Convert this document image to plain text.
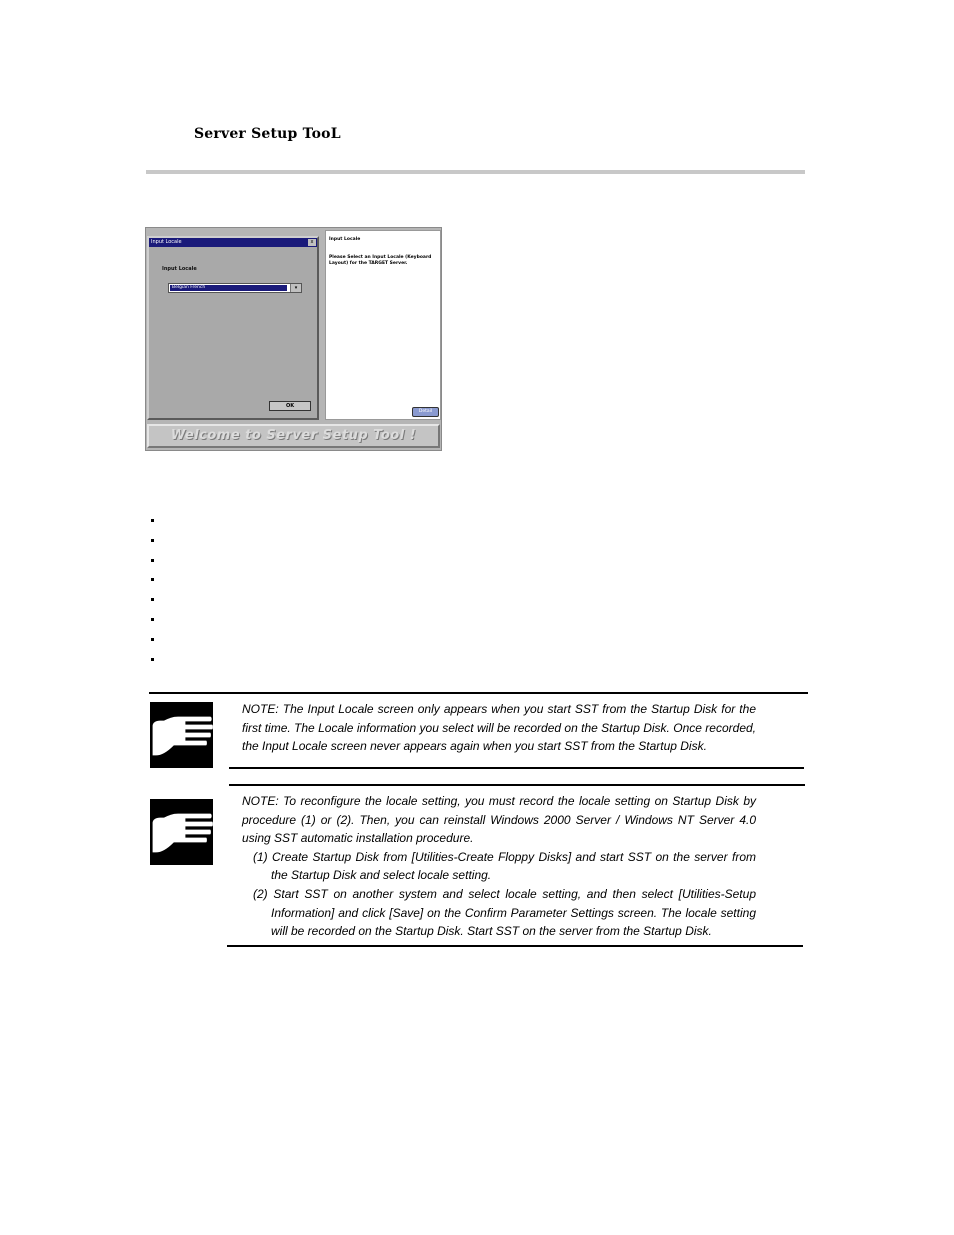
Server Setup TooL
Input Locale	x
Input Locale
Belgian French	▾
OK
Input Locale
Please Select an Input Locale (Keyboard Layout) for the TARGET Server.
Detail
Welcome to Server Setup Tool !

NOTE: The Input Locale screen only appears when you start SST from the Startup Disk for the first time. The Locale information you select will be recorded on the Startup Disk. Once recorded, the Input Locale screen never appears again when you start SST from the Startup Disk.

NOTE: To reconfigure the locale setting, you must record the locale setting on Startup Disk by procedure (1) or (2). Then, you can reinstall Windows 2000 Server / Windows NT Server 4.0 using SST automatic installation procedure.

(1) Create Startup Disk from [Utilities-Create Floppy Disks] and start SST on the server from the Startup Disk and select locale setting.

(2) Start SST on another system and select locale setting, and then select [Utilities-Setup Information] and click [Save] on the Confirm Parameter Settings screen. The locale setting will be recorded on the Startup Disk. Start SST on the server from the Startup Disk.
